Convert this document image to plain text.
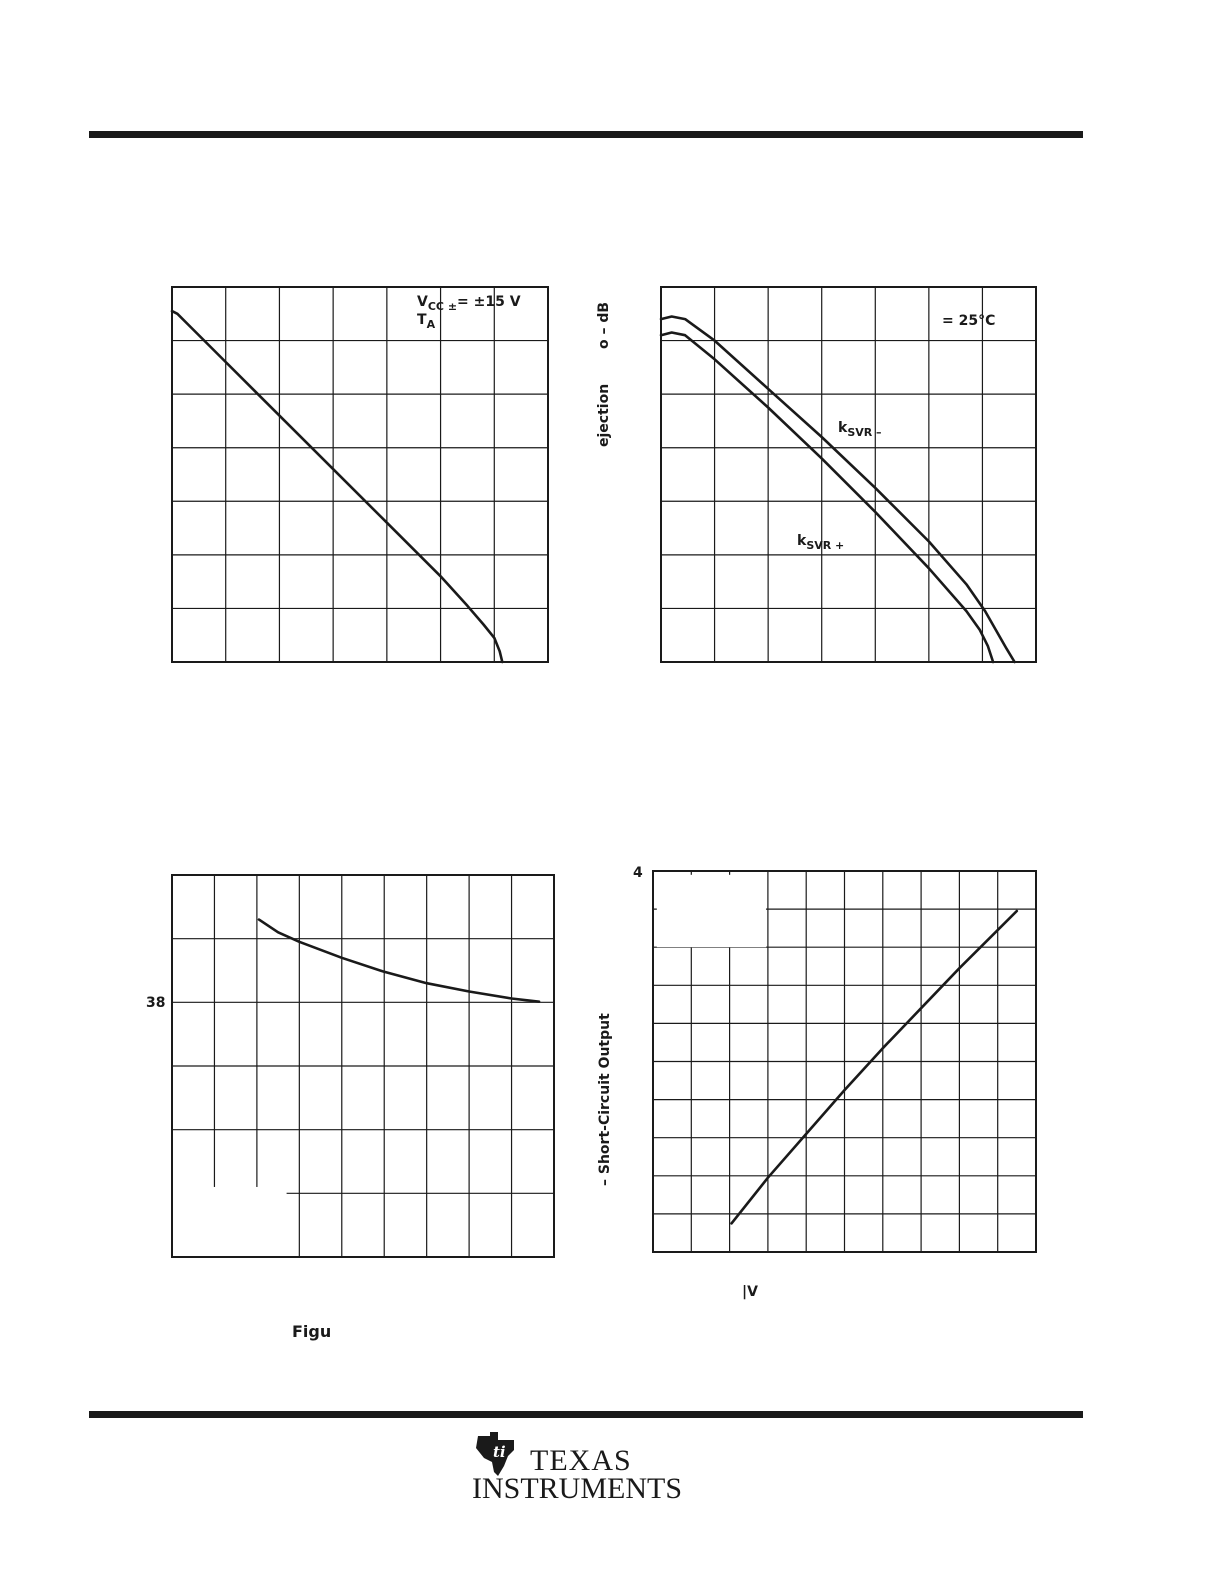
$V_{CC \pm}= \pm 15$ V
$T_A$	= 25°C
$k_{SVR -}$
$k_{SVR +}$
o – dB
ejection
38
4
– Short-Circuit Output
|V
Figu
ti TEXAS
INSTRUMENTS
